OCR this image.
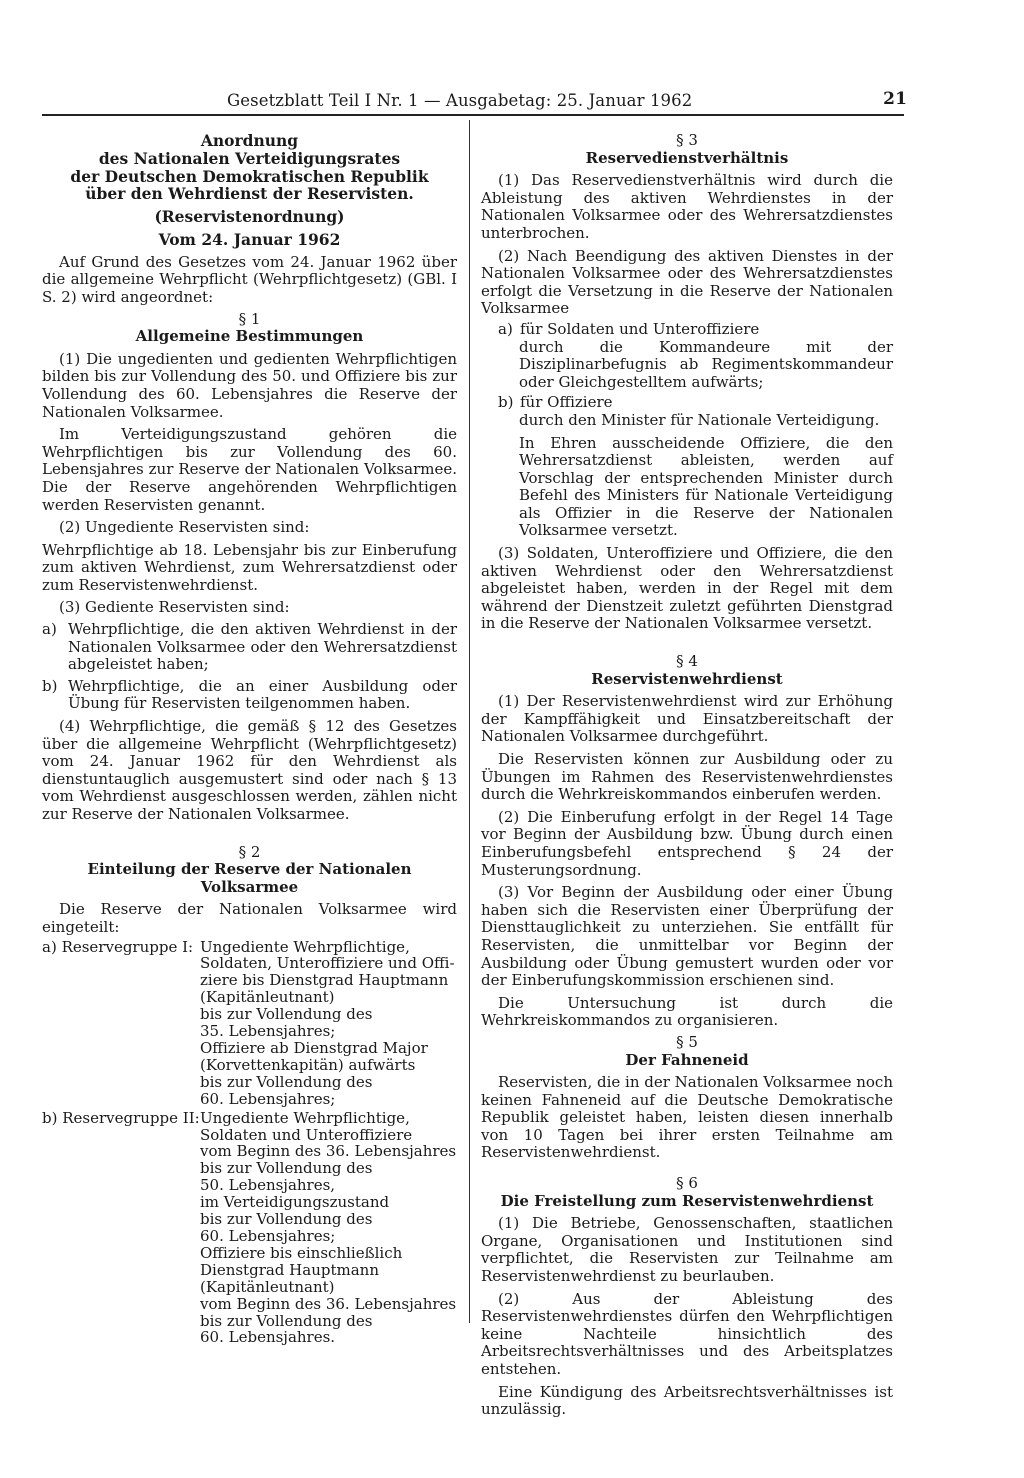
Gesetzblatt Teil I Nr. 1 — Ausgabetag: 25. Januar 1962	21
Anordnung
des Nationalen Verteidigungsrates
der Deutschen Demokratischen Republik
über den Wehrdienst der Reservisten.
(Reservistenordnung)
Vom 24. Januar 1962

Auf Grund des Gesetzes vom 24. Januar 1962 über die allgemeine Wehrpflicht (Wehrpflichtgesetz) (GBl. I S. 2) wird angeordnet:

§ 1
Allgemeine Bestimmungen

(1) Die ungedienten und gedienten Wehrpflichtigen bilden bis zur Vollendung des 50. und Offiziere bis zur Vollendung des 60. Lebensjahres die Reserve der Nationalen Volksarmee.

Im Verteidigungszustand gehören die Wehrpflichtigen bis zur Vollendung des 60. Lebensjahres zur Reserve der Nationalen Volksarmee. Die der Reserve angehörenden Wehrpflichtigen werden Reservisten genannt.

(2) Ungediente Reservisten sind:

Wehrpflichtige ab 18. Lebensjahr bis zur Einberufung zum aktiven Wehrdienst, zum Wehrersatzdienst oder zum Reservistenwehrdienst.

(3) Gediente Reservisten sind:

a) Wehrpflichtige, die den aktiven Wehrdienst in der Nationalen Volksarmee oder den Wehrersatzdienst abgeleistet haben;
b) Wehrpflichtige, die an einer Ausbildung oder Übung für Reservisten teilgenommen haben.

(4) Wehrpflichtige, die gemäß § 12 des Gesetzes über die allgemeine Wehrpflicht (Wehrpflichtgesetz) vom 24. Januar 1962 für den Wehrdienst als dienstuntauglich ausgemustert sind oder nach § 13 vom Wehrdienst ausgeschlossen werden, zählen nicht zur Reserve der Nationalen Volksarmee.

§ 2
Einteilung der Reserve der Nationalen Volksarmee

Die Reserve der Nationalen Volksarmee wird eingeteilt:

a) Reservegruppe I: Ungediente Wehrpflichtige,
Soldaten, Unteroffiziere und Offi-
ziere bis Dienstgrad Hauptmann
(Kapitänleutnant)
bis zur Vollendung des
35. Lebensjahres;
Offiziere ab Dienstgrad Major
(Korvettenkapitän) aufwärts
bis zur Vollendung des
60. Lebensjahres;
b) Reservegruppe II: Ungediente Wehrpflichtige,
Soldaten und Unteroffiziere
vom Beginn des 36. Lebensjahres
bis zur Vollendung des
50. Lebensjahres,
im Verteidigungszustand
bis zur Vollendung des
60. Lebensjahres;
Offiziere bis einschließlich
Dienstgrad Hauptmann
(Kapitänleutnant)
vom Beginn des 36. Lebensjahres
bis zur Vollendung des
60. Lebensjahres.
§ 3
Reservedienstverhältnis

(1) Das Reservedienstverhältnis wird durch die Ableistung des aktiven Wehrdienstes in der Nationalen Volksarmee oder des Wehrersatzdienstes unterbrochen.

(2) Nach Beendigung des aktiven Dienstes in der Nationalen Volksarmee oder des Wehrersatzdienstes erfolgt die Versetzung in die Reserve der Nationalen Volksarmee

a) für Soldaten und Unteroffiziere

durch die Kommandeure mit der Disziplinarbefugnis ab Regimentskommandeur oder Gleichgestelltem aufwärts;

b) für Offiziere

durch den Minister für Nationale Verteidigung.

In Ehren ausscheidende Offiziere, die den Wehrersatzdienst ableisten, werden auf Vorschlag der entsprechenden Minister durch Befehl des Ministers für Nationale Verteidigung als Offizier in die Reserve der Nationalen Volksarmee versetzt.

(3) Soldaten, Unteroffiziere und Offiziere, die den aktiven Wehrdienst oder den Wehrersatzdienst abgeleistet haben, werden in der Regel mit dem während der Dienstzeit zuletzt geführten Dienstgrad in die Reserve der Nationalen Volksarmee versetzt.

§ 4
Reservistenwehrdienst

(1) Der Reservistenwehrdienst wird zur Erhöhung der Kampffähigkeit und Einsatzbereitschaft der Nationalen Volksarmee durchgeführt.

Die Reservisten können zur Ausbildung oder zu Übungen im Rahmen des Reservistenwehrdienstes durch die Wehrkreiskommandos einberufen werden.

(2) Die Einberufung erfolgt in der Regel 14 Tage vor Beginn der Ausbildung bzw. Übung durch einen Einberufungsbefehl entsprechend § 24 der Musterungsordnung.

(3) Vor Beginn der Ausbildung oder einer Übung haben sich die Reservisten einer Überprüfung der Diensttauglichkeit zu unterziehen. Sie entfällt für Reservisten, die unmittelbar vor Beginn der Ausbildung oder Übung gemustert wurden oder vor der Einberufungskommission erschienen sind.

Die Untersuchung ist durch die Wehrkreiskommandos zu organisieren.

§ 5
Der Fahneneid

Reservisten, die in der Nationalen Volksarmee noch keinen Fahneneid auf die Deutsche Demokratische Republik geleistet haben, leisten diesen innerhalb von 10 Tagen bei ihrer ersten Teilnahme am Reservistenwehrdienst.

§ 6
Die Freistellung zum Reservistenwehrdienst

(1) Die Betriebe, Genossenschaften, staatlichen Organe, Organisationen und Institutionen sind verpflichtet, die Reservisten zur Teilnahme am Reservistenwehrdienst zu beurlauben.

(2) Aus der Ableistung des Reservistenwehrdienstes dürfen den Wehrpflichtigen keine Nachteile hinsichtlich des Arbeitsrechtsverhältnisses und des Arbeitsplatzes entstehen.

Eine Kündigung des Arbeitsrechtsverhältnisses ist unzulässig.
